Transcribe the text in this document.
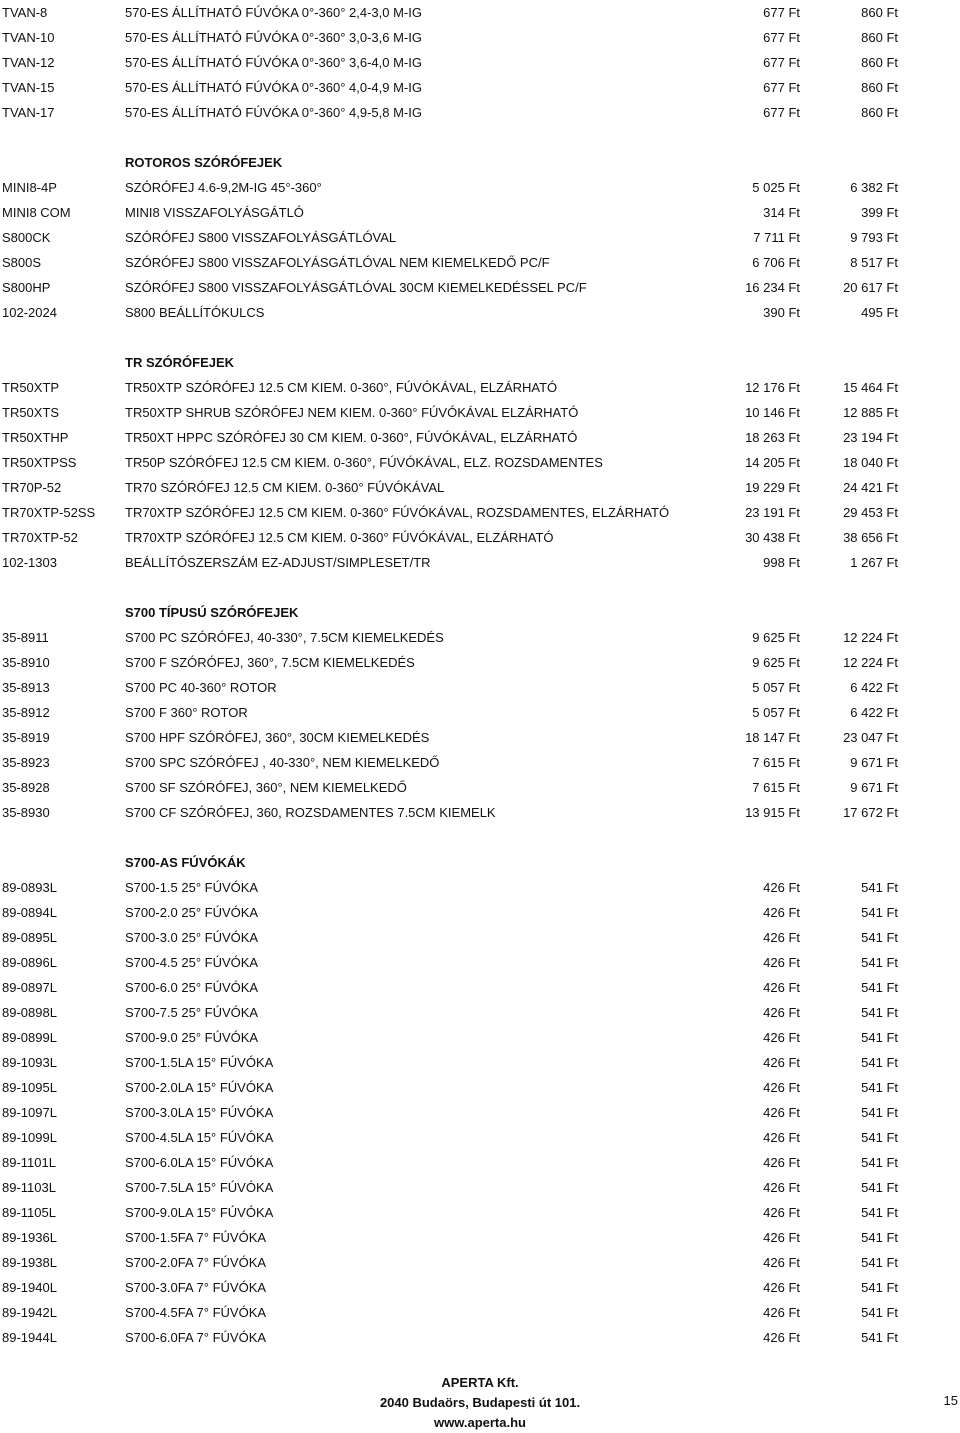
TVAN-8	570-ES ÁLLÍTHATÓ FÚVÓKA 0°-360° 2,4-3,0 M-IG	677 Ft	860 Ft
TVAN-10	570-ES ÁLLÍTHATÓ FÚVÓKA 0°-360° 3,0-3,6 M-IG	677 Ft	860 Ft
TVAN-12	570-ES ÁLLÍTHATÓ FÚVÓKA 0°-360° 3,6-4,0 M-IG	677 Ft	860 Ft
TVAN-15	570-ES ÁLLÍTHATÓ FÚVÓKA 0°-360° 4,0-4,9 M-IG	677 Ft	860 Ft
TVAN-17	570-ES ÁLLÍTHATÓ FÚVÓKA 0°-360° 4,9-5,8 M-IG	677 Ft	860 Ft
ROTOROS SZÓRÓFEJEK
MINI8-4P	SZÓRÓFEJ 4.6-9,2M-IG 45°-360°	5 025 Ft	6 382 Ft
MINI8 COM	MINI8 VISSZAFOLYÁSGÁTLÓ	314 Ft	399 Ft
S800CK	SZÓRÓFEJ S800 VISSZAFOLYÁSGÁTLÓVAL	7 711 Ft	9 793 Ft
S800S	SZÓRÓFEJ S800 VISSZAFOLYÁSGÁTLÓVAL NEM KIEMELKEDŐ PC/F	6 706 Ft	8 517 Ft
S800HP	SZÓRÓFEJ S800 VISSZAFOLYÁSGÁTLÓVAL 30CM KIEMELKEDÉSSEL PC/F	16 234 Ft	20 617 Ft
102-2024	S800 BEÁLLÍTÓKULCS	390 Ft	495 Ft
TR SZÓRÓFEJEK
TR50XTP	TR50XTP SZÓRÓFEJ 12.5 CM KIEM. 0-360°, FÚVÓKÁVAL, ELZÁRHATÓ	12 176 Ft	15 464 Ft
TR50XTS	TR50XTP SHRUB SZÓRÓFEJ NEM KIEM. 0-360° FÚVÓKÁVAL ELZÁRHATÓ	10 146 Ft	12 885 Ft
TR50XTHP	TR50XT HPPC SZÓRÓFEJ 30 CM KIEM. 0-360°, FÚVÓKÁVAL, ELZÁRHATÓ	18 263 Ft	23 194 Ft
TR50XTPSS	TR50P SZÓRÓFEJ 12.5 CM KIEM. 0-360°, FÚVÓKÁVAL, ELZ. ROZSDAMENTES	14 205 Ft	18 040 Ft
TR70P-52	TR70 SZÓRÓFEJ 12.5 CM KIEM. 0-360° FÚVÓKÁVAL	19 229 Ft	24 421 Ft
TR70XTP-52SS TR70XTP SZÓRÓFEJ 12.5 CM KIEM. 0-360° FÚVÓKÁVAL, ROZSDAMENTES, ELZÁRHATÓ	23 191 Ft	29 453 Ft
TR70XTP-52	TR70XTP SZÓRÓFEJ 12.5 CM KIEM. 0-360° FÚVÓKÁVAL, ELZÁRHATÓ	30 438 Ft	38 656 Ft
102-1303	BEÁLLÍTÓSZERSZÁM EZ-ADJUST/SIMPLESET/TR	998 Ft	1 267 Ft
S700 TÍPUSÚ SZÓRÓFEJEK
35-8911	S700 PC SZÓRÓFEJ, 40-330°, 7.5CM KIEMELKEDÉS	9 625 Ft	12 224 Ft
35-8910	S700 F SZÓRÓFEJ, 360°, 7.5CM KIEMELKEDÉS	9 625 Ft	12 224 Ft
35-8913	S700 PC 40-360° ROTOR	5 057 Ft	6 422 Ft
35-8912	S700 F 360° ROTOR	5 057 Ft	6 422 Ft
35-8919	S700 HPF SZÓRÓFEJ, 360°, 30CM KIEMELKEDÉS	18 147 Ft	23 047 Ft
35-8923	S700 SPC SZÓRÓFEJ , 40-330°, NEM KIEMELKEDŐ	7 615 Ft	9 671 Ft
35-8928	S700 SF SZÓRÓFEJ, 360°, NEM KIEMELKEDŐ	7 615 Ft	9 671 Ft
35-8930	S700 CF SZÓRÓFEJ, 360, ROZSDAMENTES 7.5CM KIEMELK	13 915 Ft	17 672 Ft
S700-AS FÚVÓKÁK
89-0893L	S700-1.5 25° FÚVÓKA	426 Ft	541 Ft
89-0894L	S700-2.0 25° FÚVÓKA	426 Ft	541 Ft
89-0895L	S700-3.0 25° FÚVÓKA	426 Ft	541 Ft
89-0896L	S700-4.5 25° FÚVÓKA	426 Ft	541 Ft
89-0897L	S700-6.0 25° FÚVÓKA	426 Ft	541 Ft
89-0898L	S700-7.5 25° FÚVÓKA	426 Ft	541 Ft
89-0899L	S700-9.0 25° FÚVÓKA	426 Ft	541 Ft
89-1093L	S700-1.5LA 15° FÚVÓKA	426 Ft	541 Ft
89-1095L	S700-2.0LA 15° FÚVÓKA	426 Ft	541 Ft
89-1097L	S700-3.0LA 15° FÚVÓKA	426 Ft	541 Ft
89-1099L	S700-4.5LA 15° FÚVÓKA	426 Ft	541 Ft
89-1101L	S700-6.0LA 15° FÚVÓKA	426 Ft	541 Ft
89-1103L	S700-7.5LA 15° FÚVÓKA	426 Ft	541 Ft
89-1105L	S700-9.0LA 15° FÚVÓKA	426 Ft	541 Ft
89-1936L	S700-1.5FA 7° FÚVÓKA	426 Ft	541 Ft
89-1938L	S700-2.0FA 7° FÚVÓKA	426 Ft	541 Ft
89-1940L	S700-3.0FA 7° FÚVÓKA	426 Ft	541 Ft
89-1942L	S700-4.5FA 7° FÚVÓKA	426 Ft	541 Ft
89-1944L	S700-6.0FA 7° FÚVÓKA	426 Ft	541 Ft
APERTA Kft.
2040 Budaörs, Budapesti út 101.
www.aperta.hu
15
